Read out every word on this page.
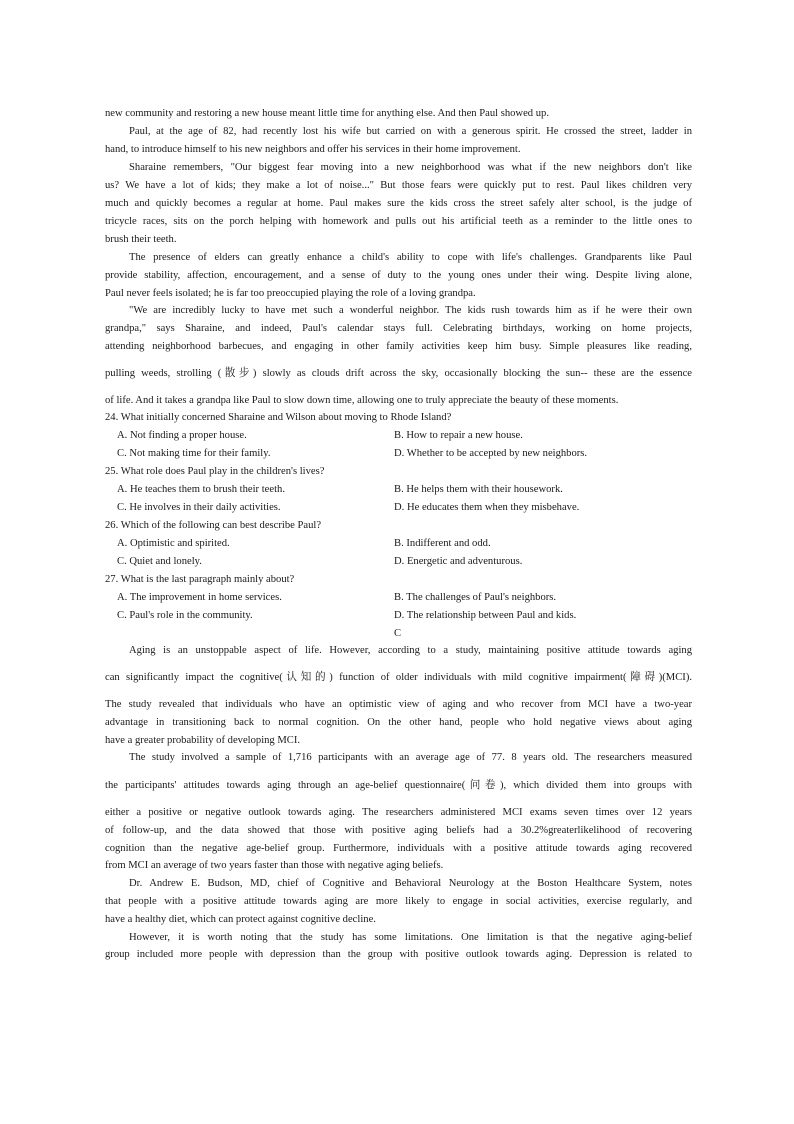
new community and restoring a new house meant little time for anything else. And then Paul showed up.
Paul, at the age of 82, had recently lost his wife but carried on with a generous spirit. He crossed the street, ladder in
hand, to introduce himself to his new neighbors and offer his services in their home improvement.
Sharaine remembers, "Our biggest fear moving into a new neighborhood was what if the new neighbors don't like
us? We have a lot of kids; they make a lot of noise..." But those fears were quickly put to rest. Paul likes children very
much and quickly becomes a regular at home. Paul makes sure the kids cross the street safely alter school, is the judge of
tricycle races, sits on the porch helping with homework and pulls out his artificial teeth as a reminder to the little ones to
brush their teeth.
The presence of elders can greatly enhance a child's ability to cope with life's challenges. Grandparents like Paul
provide stability, affection, encouragement, and a sense of duty to the young ones under their wing. Despite living alone,
Paul never feels isolated; he is far too preoccupied playing the role of a loving grandpa.
"We are incredibly lucky to have met such a wonderful neighbor. The kids rush towards him as if he were their own
grandpa," says Sharaine, and indeed, Paul's calendar stays full. Celebrating birthdays, working on home projects,
attending neighborhood barbecues, and engaging in other family activities keep him busy. Simple pleasures like reading,
pulling weeds, strolling (散步) slowly as clouds drift across the sky, occasionally blocking the sun-- these are the essence
of life. And it takes a grandpa like Paul to slow down time, allowing one to truly appreciate the beauty of these moments.
24. What initially concerned Sharaine and Wilson about moving to Rhode Island?
A. Not finding a proper house.	B. How to repair a new house.
C. Not making time for their family.	D. Whether to be accepted by new neighbors.
25. What role does Paul play in the children's lives?
A. He teaches them to brush their teeth.	B. He helps them with their housework.
C. He involves in their daily activities.	D. He educates them when they misbehave.
26. Which of the following can best describe Paul?
A. Optimistic and spirited.	B. Indifferent and odd.
C. Quiet and lonely.	D. Energetic and adventurous.
27. What is the last paragraph mainly about?
A. The improvement in home services.	B. The challenges of Paul's neighbors.
C. Paul's role in the community.	D. The relationship between Paul and kids.
C
Aging is an unstoppable aspect of life. However, according to a study, maintaining positive attitude towards aging
can significantly impact the cognitive(认知的) function of older individuals with mild cognitive impairment(障碍)(MCI).
The study revealed that individuals who have an optimistic view of aging and who recover from MCI have a two-year
advantage in transitioning back to normal cognition. On the other hand, people who hold negative views about aging
have a greater probability of developing MCI.
The study involved a sample of 1,716 participants with an average age of 77. 8 years old. The researchers measured
the participants' attitudes towards aging through an age-belief questionnaire(问卷), which divided them into groups with
either a positive or negative outlook towards aging. The researchers administered MCI exams seven times over 12 years
of follow-up, and the data showed that those with positive aging beliefs had a 30.2%greaterlikelihood of recovering
cognition than the negative age-belief group. Furthermore, individuals with a positive attitude towards aging recovered
from MCI an average of two years faster than those with negative aging beliefs.
Dr. Andrew E. Budson, MD, chief of Cognitive and Behavioral Neurology at the Boston Healthcare System, notes
that people with a positive attitude towards aging are more likely to engage in social activities, exercise regularly, and
have a healthy diet, which can protect against cognitive decline.
However, it is worth noting that the study has some limitations. One limitation is that the negative aging-belief
group included more people with depression than the group with positive outlook towards aging. Depression is related to
